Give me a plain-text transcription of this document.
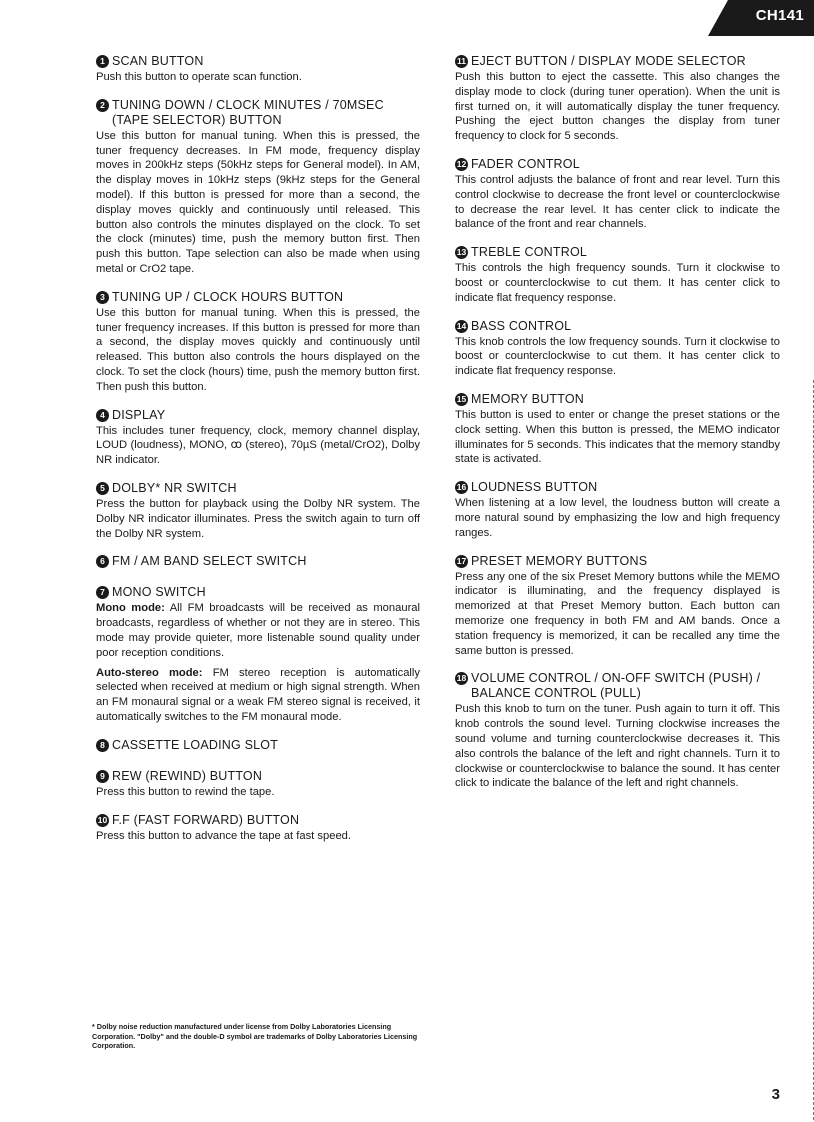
CH141
1 SCAN BUTTON

Push this button to operate scan function.

2 TUNING DOWN / CLOCK MINUTES / 70ΜSEC (TAPE SELECTOR) BUTTON

Use this button for manual tuning. When this is pressed, the tuner frequency decreases. In FM mode, frequency display moves in 200kHz steps (50kHz steps for General model). In AM, the display moves in 10kHz steps (9kHz steps for the General model). If this button is pressed for more than a second, the display moves quickly and continuously until released. This button also controls the minutes displayed on the clock. To set the clock (minutes) time, push the memory button first. Then push this button. Tape selection can also be made when using metal or CrO2 tape.

3 TUNING UP / CLOCK HOURS BUTTON

Use this button for manual tuning. When this is pressed, the tuner frequency increases. If this button is pressed for more than a second, the display moves quickly and continuously until released. This button also controls the hours displayed on the clock. To set the clock (hours) time, push the memory button first. Then push this button.

4 DISPLAY

This includes tuner frequency, clock, memory channel display, LOUD (loudness), MONO, ꝏ (stereo), 70µS (metal/CrO2), Dolby NR indicator.

5 DOLBY* NR SWITCH

Press the button for playback using the Dolby NR system. The Dolby NR indicator illuminates. Press the switch again to turn off the Dolby NR system.

6 FM / AM BAND SELECT SWITCH
7 MONO SWITCH

Mono mode: All FM broadcasts will be received as monaural broadcasts, regardless of whether or not they are in stereo. This mode may provide quieter, more listenable sound quality under poor reception conditions.

Auto-stereo mode: FM stereo reception is automatically selected when received at medium or high signal strength. When an FM monaural signal or a weak FM stereo signal is received, it automatically switches to the FM monaural mode.

8 CASSETTE LOADING SLOT
9 REW (REWIND) BUTTON

Press this button to rewind the tape.

10 F.F (FAST FORWARD) BUTTON

Press this button to advance the tape at fast speed.

11 EJECT BUTTON / DISPLAY MODE SELECTOR

Push this button to eject the cassette. This also changes the display mode to clock (during tuner operation). When the unit is first turned on, it will automatically display the tuner frequency. Pushing the eject button changes the display from tuner frequency to clock for 5 seconds.

12 FADER CONTROL

This control adjusts the balance of front and rear level. Turn this control clockwise to decrease the front level or counterclockwise to decrease the rear level. It has center click to indicate the balance of the front and rear channels.

13 TREBLE CONTROL

This controls the high frequency sounds. Turn it clockwise to boost or counterclockwise to cut them. It has center click to indicate flat frequency response.

14 BASS CONTROL

This knob controls the low frequency sounds. Turn it clockwise to boost or counterclockwise to cut them. It has center click to indicate flat frequency response.

15 MEMORY BUTTON

This button is used to enter or change the preset stations or the clock setting. When this button is pressed, the MEMO indicator illuminates for 5 seconds. This indicates that the memory standby state is activated.

16 LOUDNESS BUTTON

When listening at a low level, the loudness button will create a more natural sound by emphasizing the low and high frequency ranges.

17 PRESET MEMORY BUTTONS

Press any one of the six Preset Memory buttons while the MEMO indicator is illuminating, and the frequency displayed is memorized at that Preset Memory button. Each button can memorize one frequency in both FM and AM bands. Once a station frequency is memorized, it can be recalled any time the same button is pressed.

18 VOLUME CONTROL / ON-OFF SWITCH (PUSH) / BALANCE CONTROL (PULL)

Push this knob to turn on the tuner. Push again to turn it off. This knob controls the sound level. Turning clockwise increases the sound volume and turning counterclockwise decreases it. This also controls the balance of the left and right channels. Turn it to clockwise or counterclockwise to balance the sound. It has center click to indicate the balance of the left and right channels.

* Dolby noise reduction manufactured under license from Dolby Laboratories Licensing Corporation. "Dolby" and the double-D symbol are trademarks of Dolby Laboratories Licensing Corporation.
3
